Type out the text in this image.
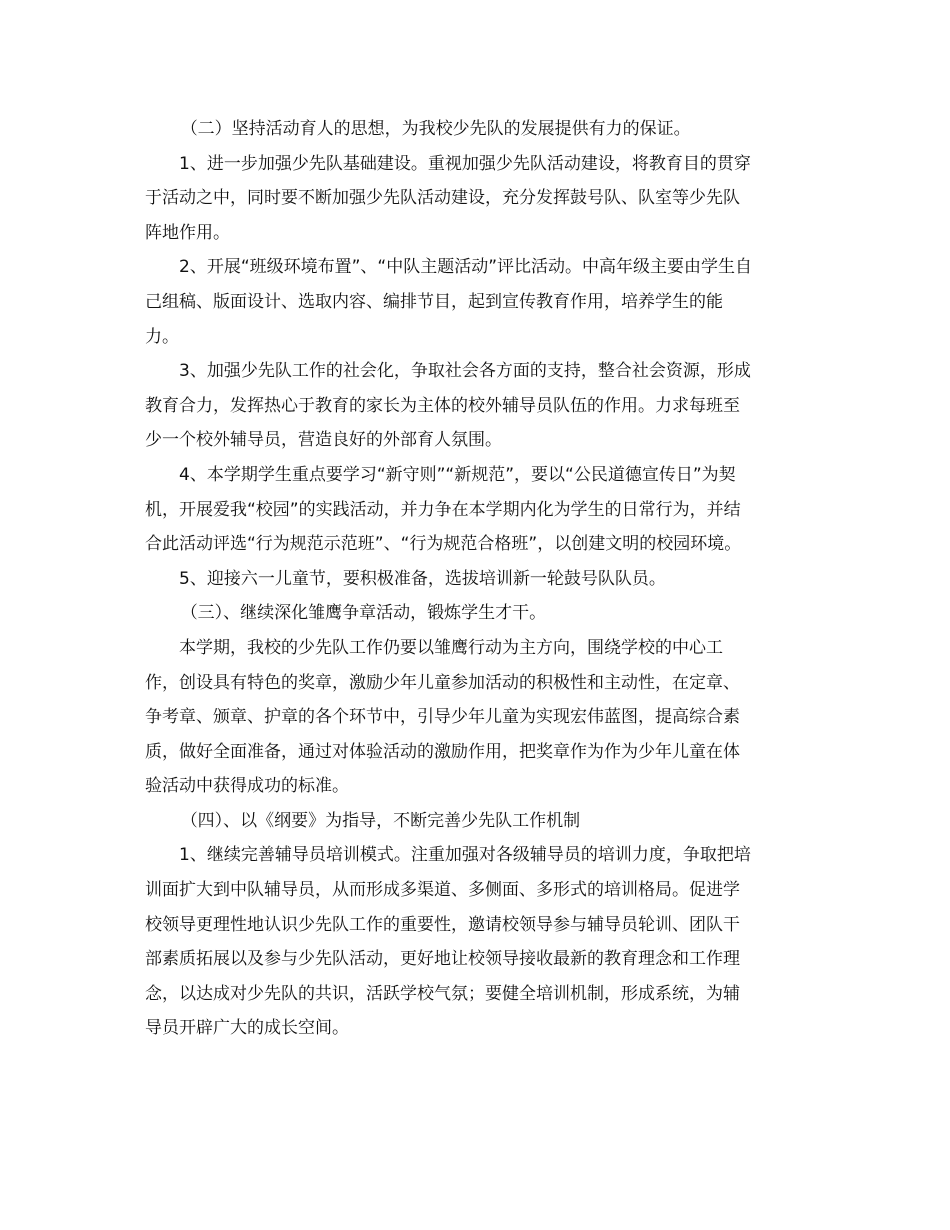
（二）坚持活动育人的思想，为我校少先队的发展提供有力的保证。
1、进一步加强少先队基础建设。重视加强少先队活动建设，将教育目的贯穿
于活动之中，同时要不断加强少先队活动建设，充分发挥鼓号队、队室等少先队
阵地作用。
2、开展“班级环境布置”、“中队主题活动”评比活动。中高年级主要由学生自
己组稿、版面设计、选取内容、编排节目，起到宣传教育作用，培养学生的能
力。
3、加强少先队工作的社会化，争取社会各方面的支持，整合社会资源，形成
教育合力，发挥热心于教育的家长为主体的校外辅导员队伍的作用。力求每班至
少一个校外辅导员，营造良好的外部育人氛围。
4、本学期学生重点要学习“新守则”“新规范”，要以“公民道德宣传日”为契
机，开展爱我“校园”的实践活动，并力争在本学期内化为学生的日常行为，并结
合此活动评选“行为规范示范班”、“行为规范合格班”，以创建文明的校园环境。
5、迎接六一儿童节，要积极准备，选拔培训新一轮鼓号队队员。
（三）、继续深化雏鹰争章活动，锻炼学生才干。
本学期，我校的少先队工作仍要以雏鹰行动为主方向，围绕学校的中心工
作，创设具有特色的奖章，激励少年儿童参加活动的积极性和主动性，在定章、
争考章、颁章、护章的各个环节中，引导少年儿童为实现宏伟蓝图，提高综合素
质，做好全面准备，通过对体验活动的激励作用，把奖章作为作为少年儿童在体
验活动中获得成功的标准。
（四）、以《纲要》为指导，不断完善少先队工作机制
1、继续完善辅导员培训模式。注重加强对各级辅导员的培训力度，争取把培
训面扩大到中队辅导员，从而形成多渠道、多侧面、多形式的培训格局。促进学
校领导更理性地认识少先队工作的重要性，邀请校领导参与辅导员轮训、团队干
部素质拓展以及参与少先队活动，更好地让校领导接收最新的教育理念和工作理
念，以达成对少先队的共识，活跃学校气氛；要健全培训机制，形成系统，为辅
导员开辟广大的成长空间。
